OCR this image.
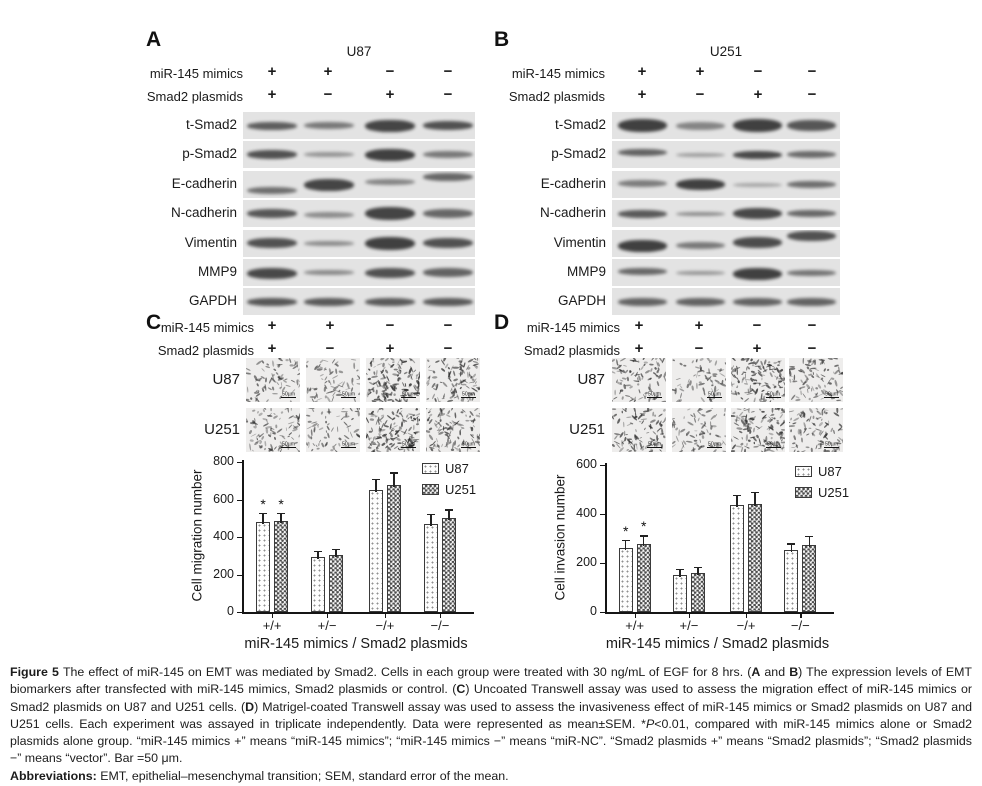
A
U87
B
U251
C	D
miR-145 mimics	+	+	−	−
Smad2 plasmids	+	−	+	−
miR-145 mimics	+	+	−	−
Smad2 plasmids	+	−	+	−
miR-145 mimics +	+	−	−
Smad2 plasmids +	−	+	−
miR-145 mimics +	+	−	−
Smad2 plasmids +	−	+	−
t-Smad2
p-Smad2
E-cadherin
N-cadherin
Vimentin
MMP9
GAPDH
t-Smad2
p-Smad2
E-cadherin
N-cadherin
Vimentin
MMP9
GAPDH
U87
50µm	50µm	50µm	50µm
U251
50µm	50µm	50µm	50µm
U87
50µm	50µm	50µm	50µm
U251
50µm	50µm	50µm	50µm
0
200
400
600
800
Cell migration number
+/+
* *
+/−	−/+	−/−
miR-145 mimics / Smad2 plasmids
U87
U251
0
200
400
600
Cell invasion number
+/+
* *
+/−	−/+	−/−
miR-145 mimics / Smad2 plasmids
U87
U251

Figure 5 The effect of miR-145 on EMT was mediated by Smad2. Cells in each group were treated with 30 ng/mL of EGF for 8 hrs. (A and B) The expression levels of EMT biomarkers after transfected with miR-145 mimics, Smad2 plasmids or control. (C) Uncoated Transwell assay was used to assess the migration effect of miR-145 mimics or Smad2 plasmids on U87 and U251 cells. (D) Matrigel-coated Transwell assay was used to assess the invasiveness effect of miR-145 mimics or Smad2 plasmids on U87 and U251 cells. Each experiment was assayed in triplicate independently. Data were represented as mean±SEM. *P<0.01, compared with miR-145 mimics alone or Smad2 plasmids alone group. “miR-145 mimics +” means “miR-145 mimics”; “miR-145 mimics −” means “miR-NC”. “Smad2 plasmids +” means “Smad2 plasmids”; “Smad2 plasmids −” means “vector”. Bar =50 μm.

Abbreviations: EMT, epithelial–mesenchymal transition; SEM, standard error of the mean.
